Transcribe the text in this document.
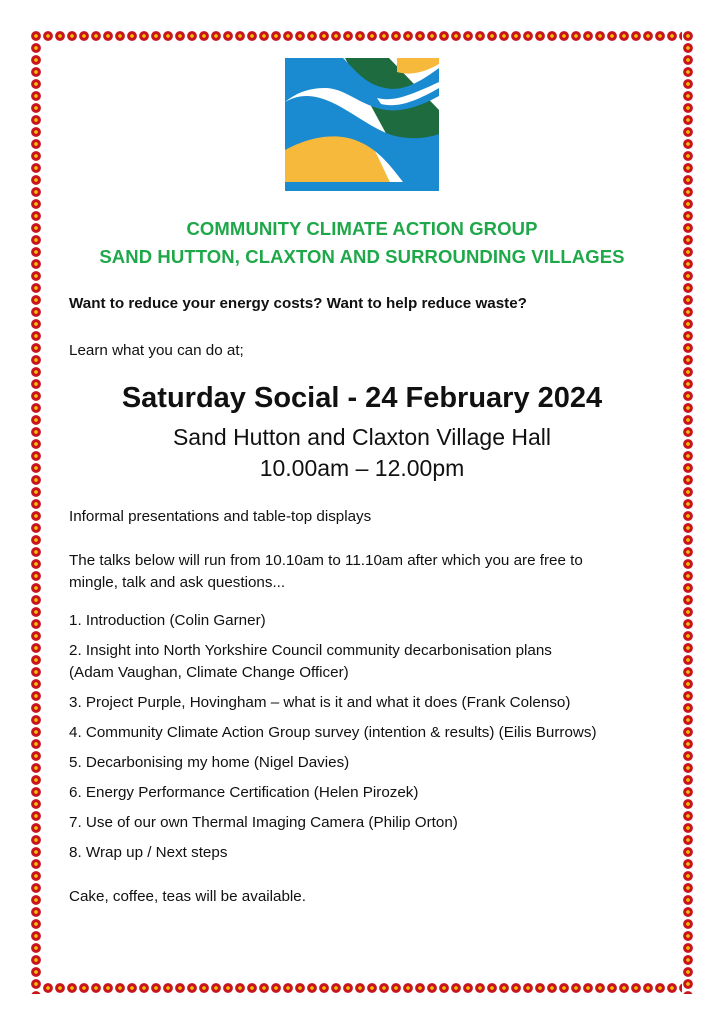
COMMUNITY CLIMATE ACTION GROUP
SAND HUTTON, CLAXTON AND SURROUNDING VILLAGES
Want to reduce your energy costs? Want to help reduce waste?
Learn what you can do at;
Saturday Social - 24 February 2024
Sand Hutton and Claxton Village Hall
10.00am – 12.00pm
Informal presentations and table-top displays
The talks below will run from 10.10am to 11.10am after which you are free to
mingle, talk and ask questions...
1. Introduction (Colin Garner)
2. Insight into North Yorkshire Council community decarbonisation plans
(Adam Vaughan, Climate Change Officer)
3. Project Purple, Hovingham – what is it and what it does (Frank Colenso)
4. Community Climate Action Group survey (intention & results) (Eilis Burrows)
5. Decarbonising my home (Nigel Davies)
6. Energy Performance Certification (Helen Pirozek)
7. Use of our own Thermal Imaging Camera (Philip Orton)
8. Wrap up / Next steps
Cake, coffee, teas will be available.
